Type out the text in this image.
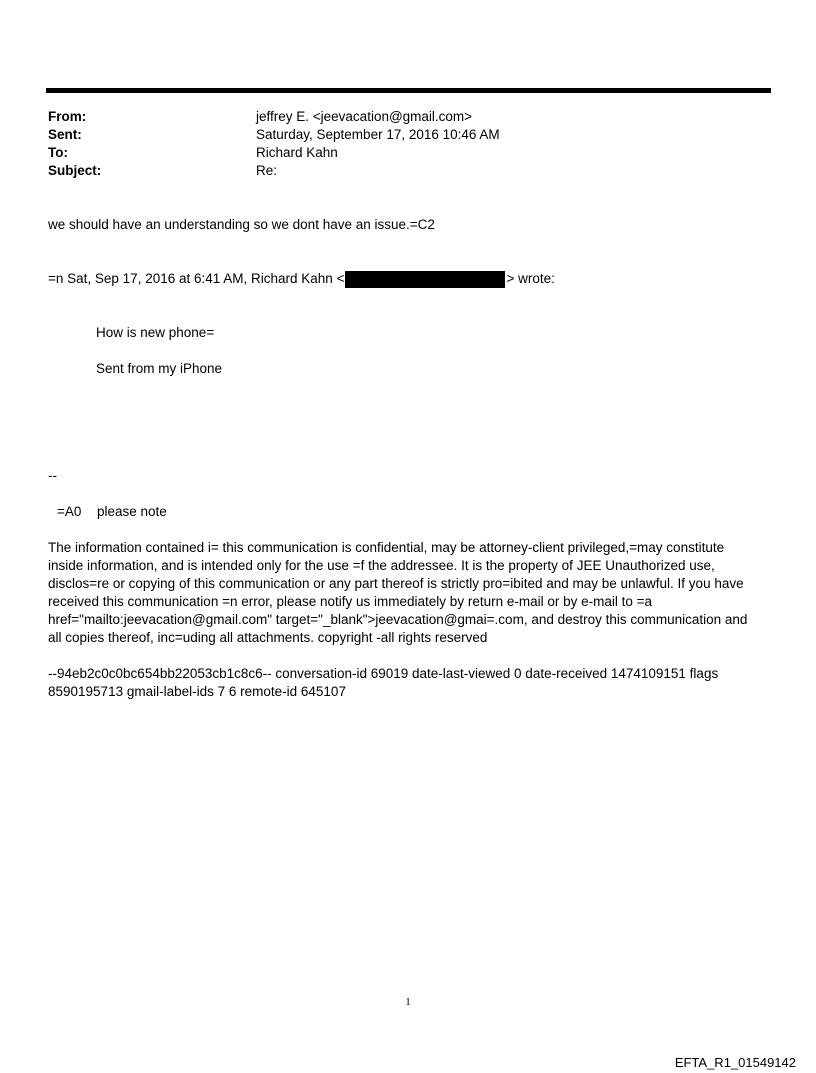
From:	jeffrey E. <jeevacation@gmail.com>
Sent:	Saturday, September 17, 2016 10:46 AM
To:	Richard Kahn
Subject:	Re:
we should have an understanding so we dont have an issue.=C2
=n Sat, Sep 17, 2016 at 6:41 AM, Richard Kahn <	> wrote:
How is new phone=
Sent from my iPhone
--
=A0 please note
The information contained i= this communication is confidential, may be attorney-client privileged,=may constitute inside information, and is intended only for the use =f the addressee. It is the property of JEE Unauthorized use, disclos=re or copying of this communication or any part thereof is strictly pro=ibited and may be unlawful. If you have received this communication =n error, please notify us immediately by return e-mail or by e-mail to =a href="mailto:jeevacation@gmail.com" target="_blank">jeevacation@gmai=.com, and destroy this communication and all copies thereof, inc=uding all attachments. copyright -all rights reserved
--94eb2c0c0bc654bb22053cb1c8c6-- conversation-id 69019 date-last-viewed 0 date-received 1474109151 flags 8590195713 gmail-label-ids 7 6 remote-id 645107
1
EFTA_R1_01549142
